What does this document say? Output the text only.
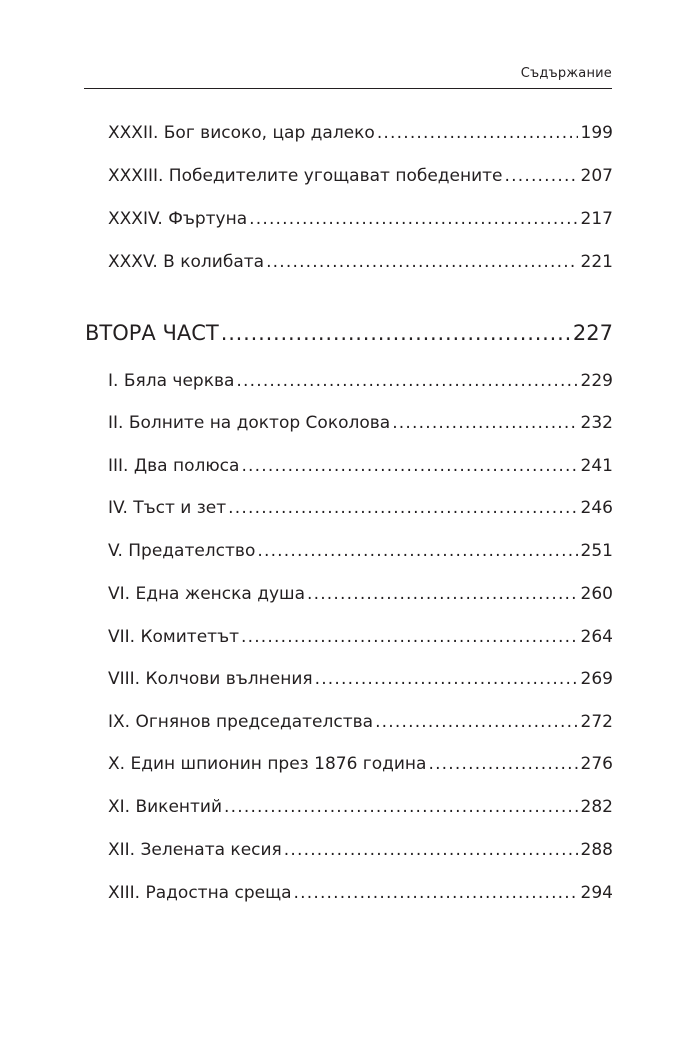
Съдържание
XXXII. Бог високо, цар далеко .....	199
XXXIII. Победителите угощават победените .....	207
XXXIV. Фъртуна .....	217
XXXV. В колибата .....	221
ВТОРА ЧАСТ .....	227
I. Бяла черква .....	229
II. Болните на доктор Соколова .....	232
III. Два полюса .....	241
IV. Тъст и зет .....	246
V. Предателство .....	251
VI. Една женска душа .....	260
VII. Комитетът .....	264
VIII. Колчови вълнения .....	269
IX. Огнянов председателства .....	272
X. Един шпионин през 1876 година .....	276
XI. Викентий .....	282
XII. Зелената кесия .....	288
XIII. Радостна среща .....	294
